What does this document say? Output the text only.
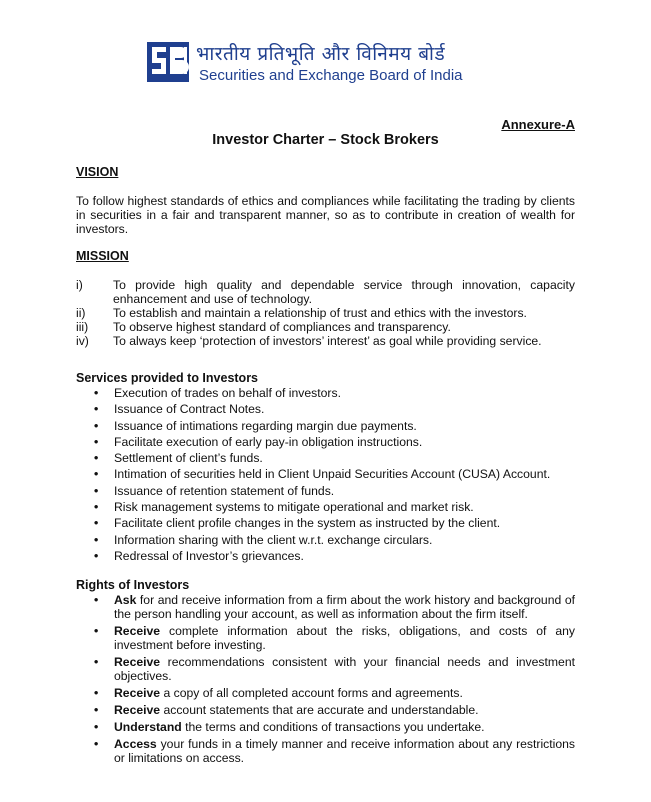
भारतीय प्रतिभूति और विनिमय बोर्ड
Securities and Exchange Board of India
Annexure-A
Investor Charter – Stock Brokers
VISION
To follow highest standards of ethics and compliances while facilitating the trading by clients in securities in a fair and transparent manner, so as to contribute in creation of wealth for investors.
MISSION
i) To provide high quality and dependable service through innovation, capacity enhancement and use of technology.
ii) To establish and maintain a relationship of trust and ethics with the investors.
iii) To observe highest standard of compliances and transparency.
iv) To always keep ‘protection of investors’ interest’ as goal while providing service.
Services provided to Investors
• Execution of trades on behalf of investors.
• Issuance of Contract Notes.
• Issuance of intimations regarding margin due payments.
• Facilitate execution of early pay-in obligation instructions.
• Settlement of client’s funds.
• Intimation of securities held in Client Unpaid Securities Account (CUSA) Account.
• Issuance of retention statement of funds.
• Risk management systems to mitigate operational and market risk.
• Facilitate client profile changes in the system as instructed by the client.
• Information sharing with the client w.r.t. exchange circulars.
• Redressal of Investor’s grievances.
Rights of Investors
• Ask for and receive information from a firm about the work history and background of the person handling your account, as well as information about the firm itself.
• Receive complete information about the risks, obligations, and costs of any investment before investing.
• Receive recommendations consistent with your financial needs and investment objectives.
• Receive a copy of all completed account forms and agreements.
• Receive account statements that are accurate and understandable.
• Understand the terms and conditions of transactions you undertake.
• Access your funds in a timely manner and receive information about any restrictions or limitations on access.
